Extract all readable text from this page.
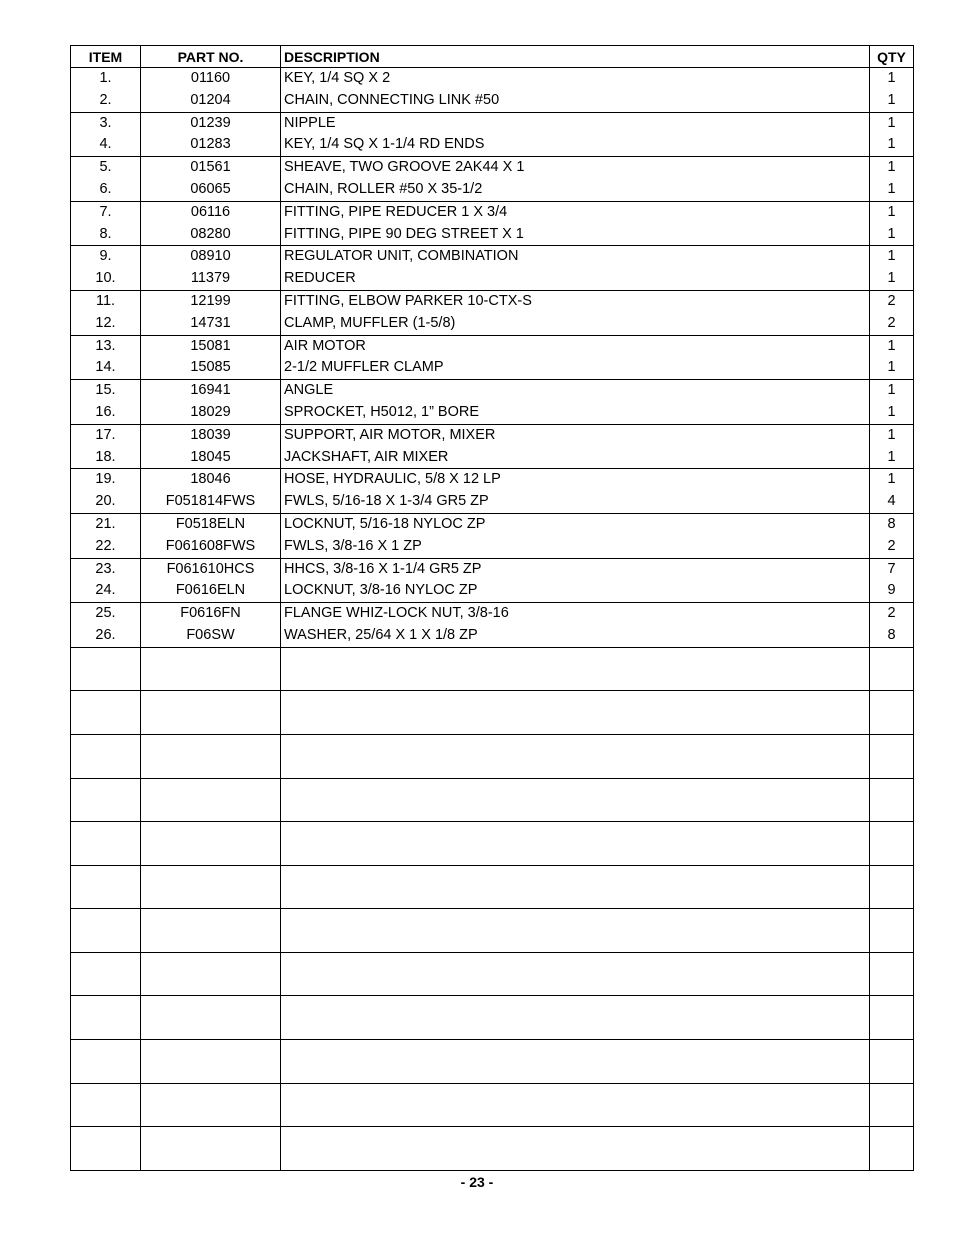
ITEM	PART NO.	DESCRIPTION	QTY
1.	01160	KEY, 1/4 SQ X 2	1
2.	01204	CHAIN, CONNECTING LINK #50	1
3.	01239	NIPPLE	1
4.	01283	KEY, 1/4 SQ X 1-1/4 RD ENDS	1
5.	01561	SHEAVE, TWO GROOVE 2AK44 X 1	1
6.	06065	CHAIN, ROLLER #50 X 35-1/2	1
7.	06116	FITTING, PIPE REDUCER 1 X 3/4	1
8.	08280	FITTING, PIPE 90 DEG STREET X 1	1
9.	08910	REGULATOR UNIT, COMBINATION	1
10.	11379	REDUCER	1
11.	12199	FITTING, ELBOW PARKER 10-CTX-S	2
12.	14731	CLAMP, MUFFLER (1-5/8)	2
13.	15081	AIR MOTOR	1
14.	15085	2-1/2 MUFFLER CLAMP	1
15.	16941	ANGLE	1
16.	18029	SPROCKET, H5012, 1” BORE	1
17.	18039	SUPPORT, AIR MOTOR, MIXER	1
18.	18045	JACKSHAFT, AIR MIXER	1
19.	18046	HOSE, HYDRAULIC, 5/8 X 12 LP	1
20.	F051814FWS	FWLS, 5/16-18 X 1-3/4 GR5 ZP	4
21.	F0518ELN	LOCKNUT, 5/16-18 NYLOC ZP	8
22.	F061608FWS	FWLS, 3/8-16 X 1 ZP	2
23.	F061610HCS	HHCS, 3/8-16 X 1-1/4 GR5 ZP	7
24.	F0616ELN	LOCKNUT, 3/8-16 NYLOC ZP	9
25.	F0616FN	FLANGE WHIZ-LOCK NUT, 3/8-16	2
26.	F06SW	WASHER, 25/64 X 1 X 1/8 ZP	8

- 23 -
